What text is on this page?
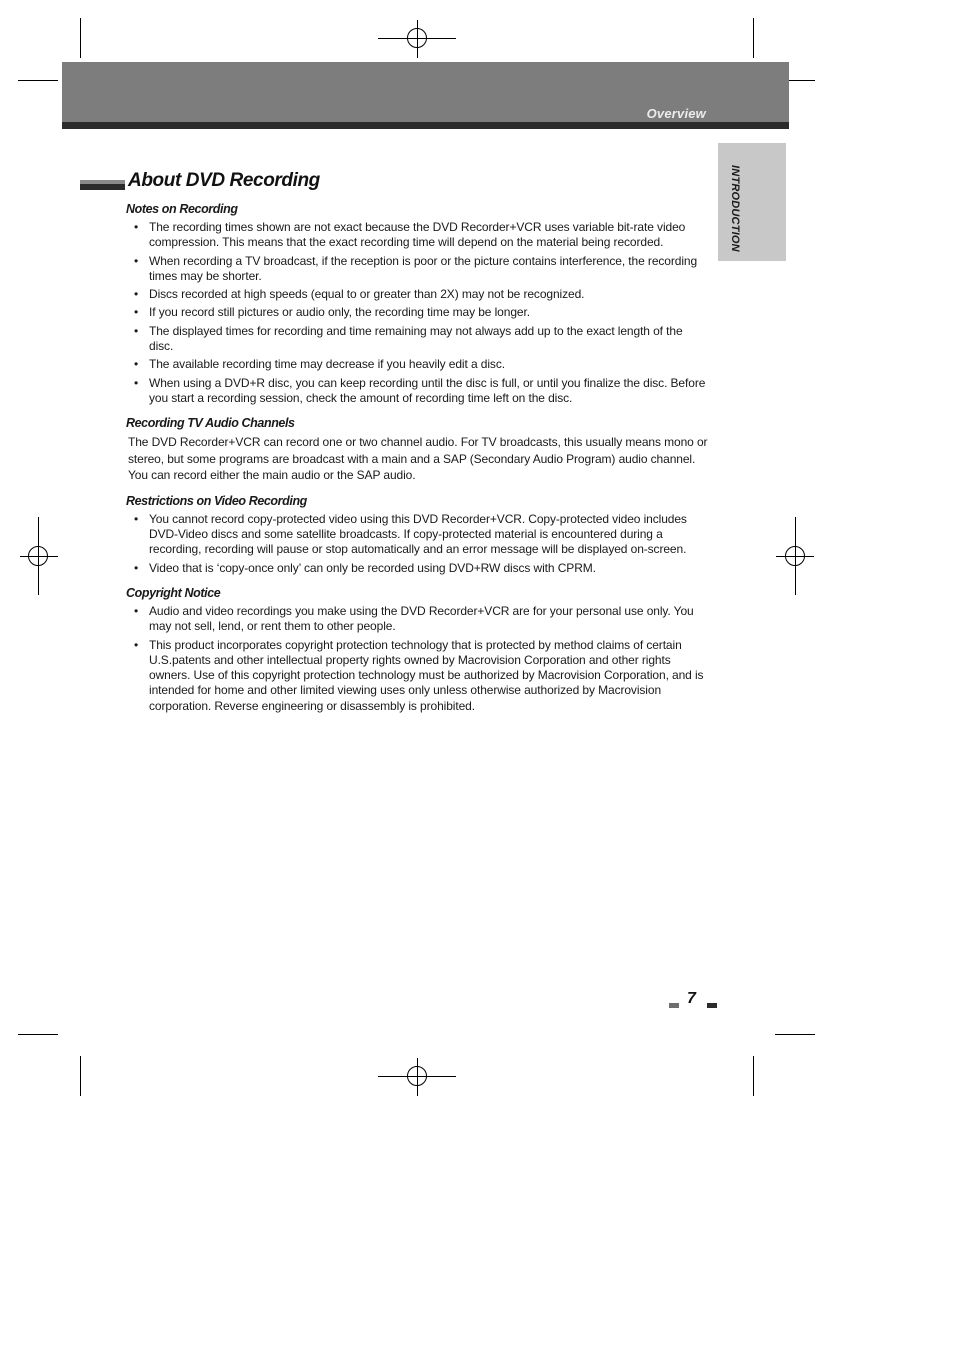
Overview
INTRODUCTION
About DVD Recording
Notes on Recording
• The recording times shown are not exact because the DVD Recorder+VCR uses variable bit-rate video compression. This means that the exact recording time will depend on the material being recorded.
• When recording a TV broadcast, if the reception is poor or the picture contains interference, the recording times may be shorter.
• Discs recorded at high speeds (equal to or greater than 2X) may not be recognized.
• If you record still pictures or audio only, the recording time may be longer.
• The displayed times for recording and time remaining may not always add up to the exact length of the disc.
• The available recording time may decrease if you heavily edit a disc.
• When using a DVD+R disc, you can keep recording until the disc is full, or until you finalize the disc. Before you start a recording session, check the amount of recording time left on the disc.
Recording TV Audio Channels

The DVD Recorder+VCR can record one or two channel audio. For TV broadcasts, this usually means mono or stereo, but some programs are broadcast with a main and a SAP (Secondary Audio Program) audio channel. You can record either the main audio or the SAP audio.

Restrictions on Video Recording
• You cannot record copy-protected video using this DVD Recorder+VCR. Copy-protected video includes DVD-Video discs and some satellite broadcasts. If copy-protected material is encountered during a recording, recording will pause or stop automatically and an error message will be displayed on-screen.
• Video that is ‘copy-once only’ can only be recorded using DVD+RW discs with CPRM.
Copyright Notice
• Audio and video recordings you make using the DVD Recorder+VCR are for your personal use only. You may not sell, lend, or rent them to other people.
• This product incorporates copyright protection technology that is protected by method claims of certain U.S.patents and other intellectual property rights owned by Macrovision Corporation and other rights owners. Use of this copyright protection technology must be authorized by Macrovision Corporation, and is intended for home and other limited viewing uses only unless otherwise authorized by Macrovision corporation. Reverse engineering or disassembly is prohibited.
7
